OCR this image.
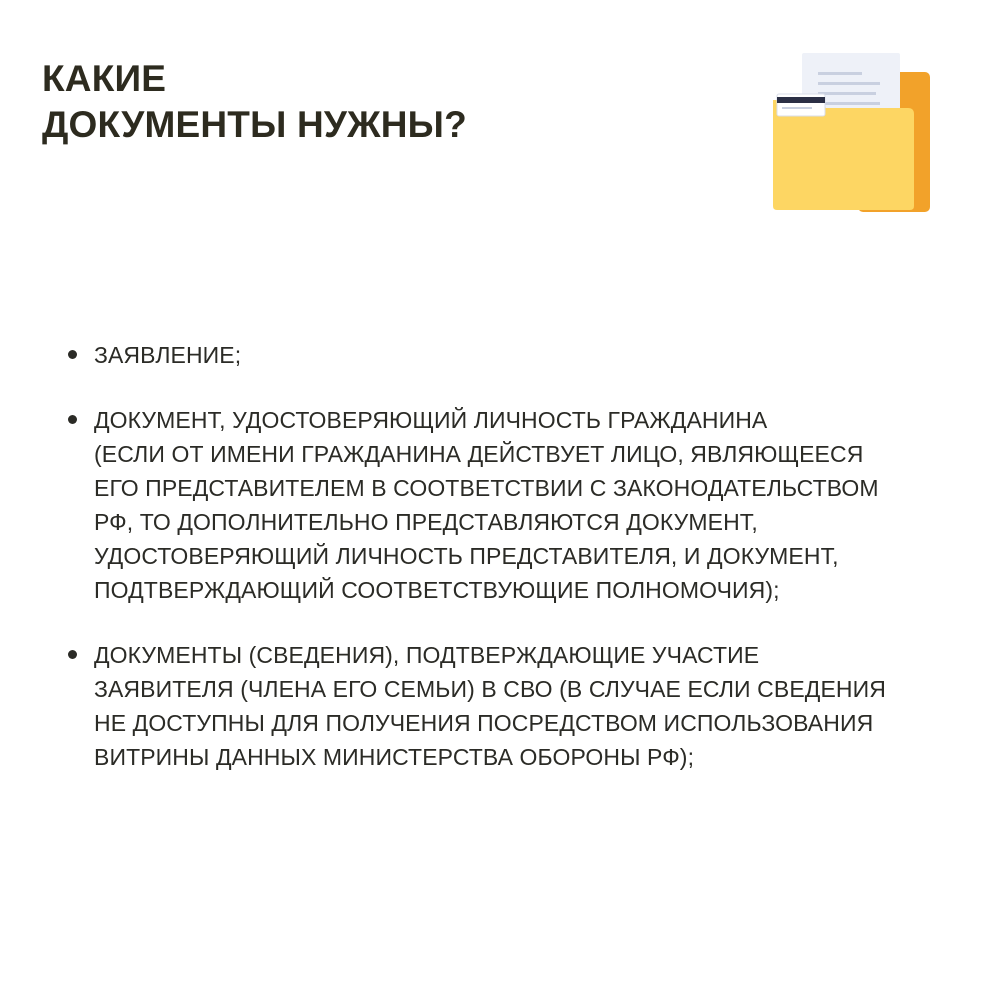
КАКИЕ
ДОКУМЕНТЫ НУЖНЫ?
ЗАЯВЛЕНИЕ;
ДОКУМЕНТ, УДОСТОВЕРЯЮЩИЙ ЛИЧНОСТЬ ГРАЖДАНИНА
(ЕСЛИ ОТ ИМЕНИ ГРАЖДАНИНА ДЕЙСТВУЕТ ЛИЦО, ЯВЛЯЮЩЕЕСЯ
ЕГО ПРЕДСТАВИТЕЛЕМ В СООТВЕТСТВИИ С ЗАКОНОДАТЕЛЬСТВОМ
РФ, ТО ДОПОЛНИТЕЛЬНО ПРЕДСТАВЛЯЮТСЯ ДОКУМЕНТ,
УДОСТОВЕРЯЮЩИЙ ЛИЧНОСТЬ ПРЕДСТАВИТЕЛЯ, И ДОКУМЕНТ,
ПОДТВЕРЖДАЮЩИЙ СООТВЕТСТВУЮЩИЕ ПОЛНОМОЧИЯ);
ДОКУМЕНТЫ (СВЕДЕНИЯ), ПОДТВЕРЖДАЮЩИЕ УЧАСТИЕ
ЗАЯВИТЕЛЯ (ЧЛЕНА ЕГО СЕМЬИ) В СВО (В СЛУЧАЕ ЕСЛИ СВЕДЕНИЯ
НЕ ДОСТУПНЫ ДЛЯ ПОЛУЧЕНИЯ ПОСРЕДСТВОМ ИСПОЛЬЗОВАНИЯ
ВИТРИНЫ ДАННЫХ МИНИСТЕРСТВА ОБОРОНЫ РФ);
